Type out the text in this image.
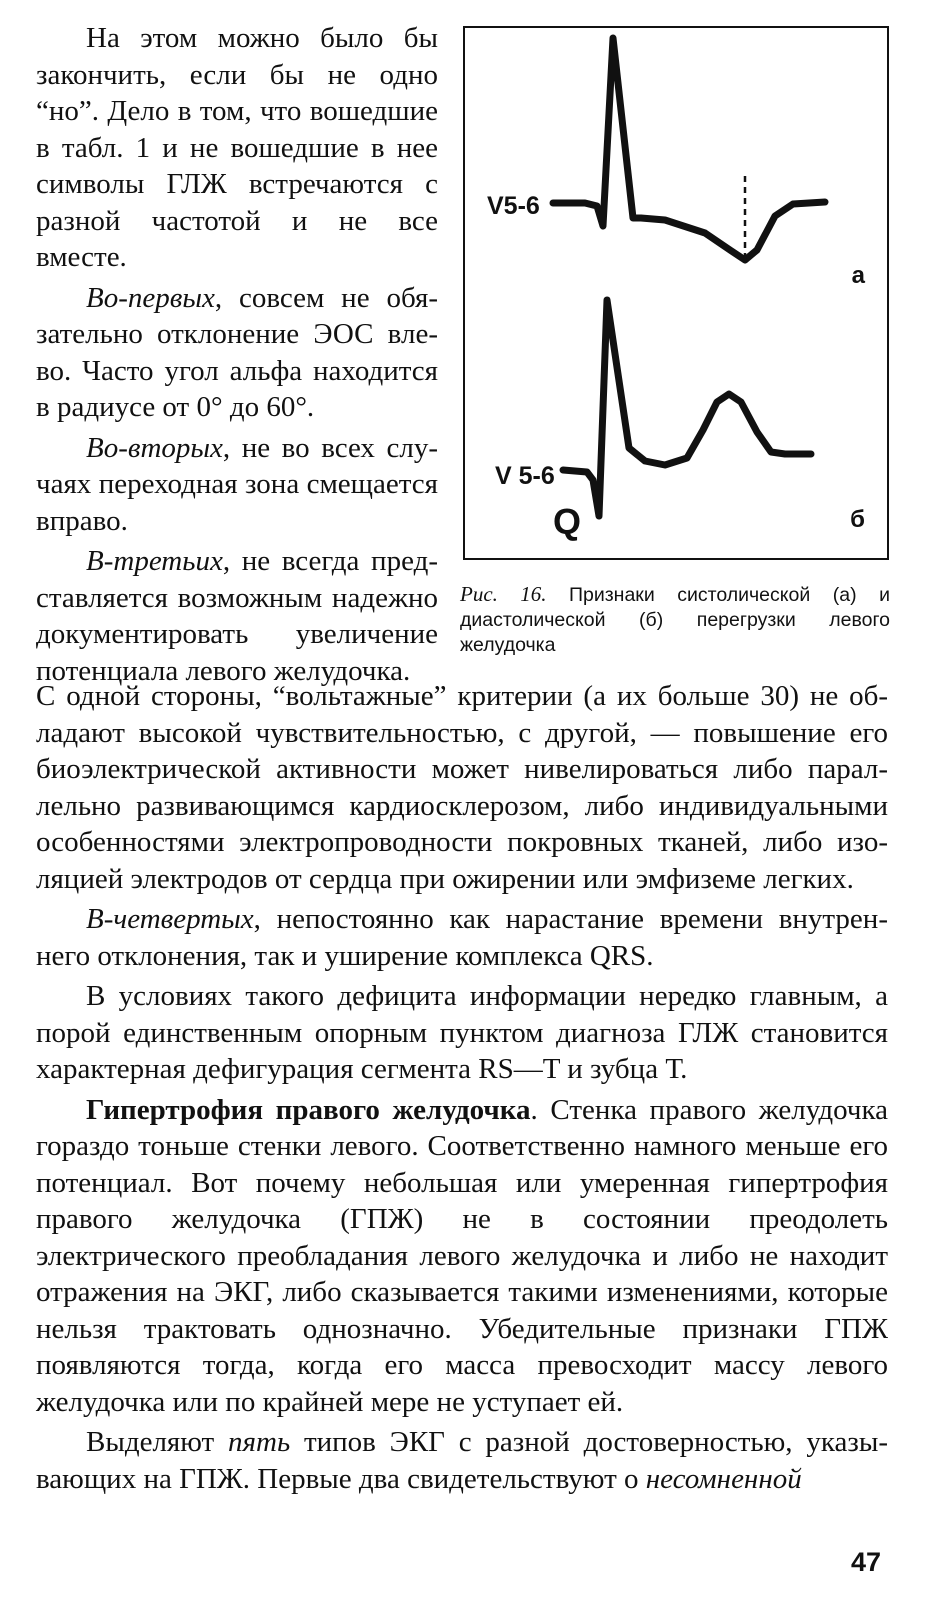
На этом можно было бы закончить, если бы не одно “но”. Дело в том, что вошедшие в табл. 1 и не вошедшие в нее символы ГЛЖ встречаются с разной частотой и не все вместе.

Во-первых, совсем не обязательно отклонение ЭОС влево. Часто угол альфа находится в радиусе от 0° до 60°.

Во-вторых, не во всех случаях переходная зона смещается вправо.

В-третьих, не всегда представляется возможным надежно документировать увеличение потенциала левого желудочка.

V5-6
V 5-6
а
б
Q
Рис. 16. Признаки систолической (а) и диастолической (б) перегрузки левого желудочка

С одной стороны, “вольтажные” критерии (а их больше 30) не обладают высокой чувствительностью, с другой, — повышение его биоэлектрической активности может нивелироваться либо параллельно развивающимся кардиосклерозом, либо индивидуальными особенностями электропроводности покровных тканей, либо изоляцией электродов от сердца при ожирении или эмфиземе легких.

В-четвертых, непостоянно как нарастание времени внутреннего отклонения, так и уширение комплекса QRS.

В условиях такого дефицита информации нередко главным, а порой единственным опорным пунктом диагноза ГЛЖ становится характерная дефигурация сегмента RS—T и зубца Т.

Гипертрофия правого желудочка. Стенка правого желудочка гораздо тоньше стенки левого. Соответственно намного меньше его потенциал. Вот почему небольшая или умеренная гипертрофия правого желудочка (ГПЖ) не в состоянии преодолеть электрического преобладания левого желудочка и либо не находит отражения на ЭКГ, либо сказывается такими изменениями, которые нельзя трактовать однозначно. Убедительные признаки ГПЖ появляются тогда, когда его масса превосходит массу левого желудочка или по крайней мере не уступает ей.

Выделяют пять типов ЭКГ с разной достоверностью, указывающих на ГПЖ. Первые два свидетельствуют о несомненной

47
